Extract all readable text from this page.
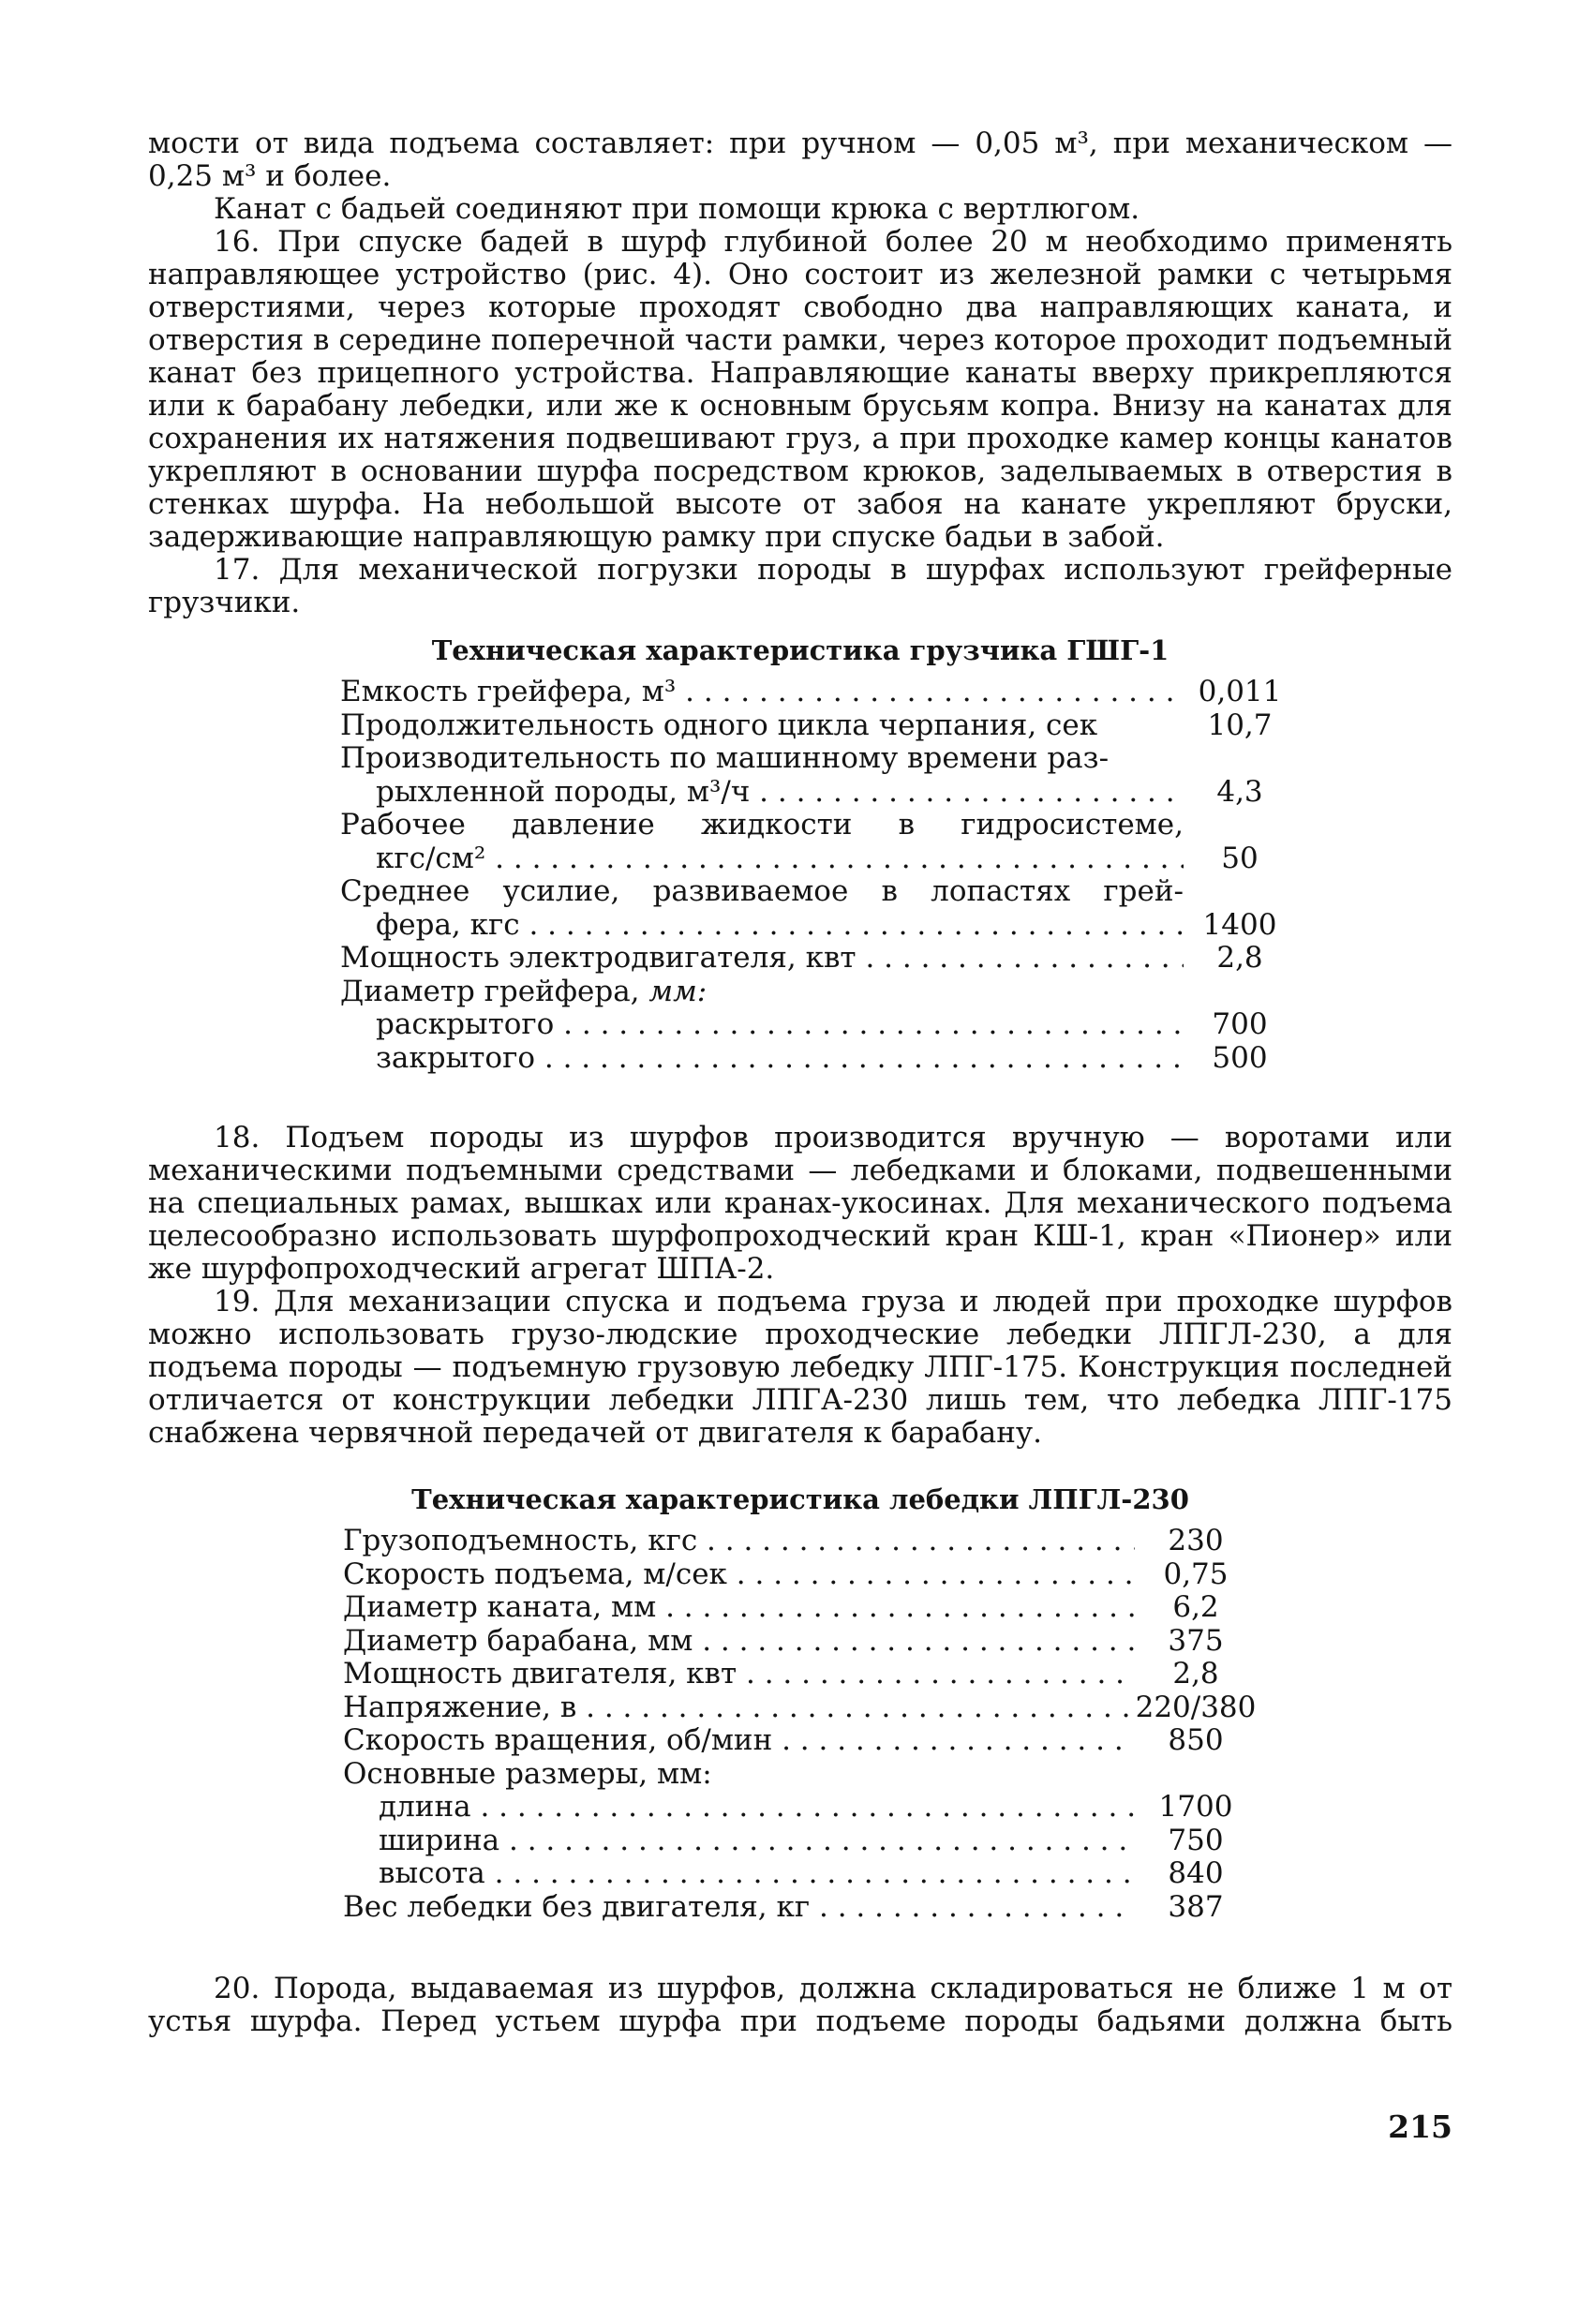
мости от вида подъема составляет: при ручном — 0,05 м³, при механическом —

0,25 м³ и более.

Канат с бадьей соединяют при помощи крюка с вертлюгом.

16. При спуске бадей в шурф глубиной более 20 м необходимо применять направляющее устройство (рис. 4). Оно состоит из железной рамки с четырьмя отверстиями, через которые проходят свободно два направляющих каната, и отверстия в середине поперечной части рамки, через которое проходит подъемный канат без прицепного устройства. Направляющие канаты вверху прикрепляются или к барабану лебедки, или же к основным брусьям копра. Внизу на канатах для сохранения их натяжения подвешивают груз, а при проходке камер концы канатов укрепляют в основании шурфа посредством крюков, заделываемых в отверстия в стенках шурфа. На небольшой высоте от забоя на канате укрепляют бруски, задерживающие направляющую рамку при спуске бадьи в забой.

17. Для механической погрузки породы в шурфах используют грейферные грузчики.

Техническая характеристика грузчика ГШГ-1

Емкость грейфера, м³ . . .	0,011
Продолжительность одного цикла черпания, сек	10,7
Производительность по машинному времени раз-
рыхленной породы, м³/ч . . .	4,3
Рабочее давление жидкости в гидросистеме,
кгс/см² . . .	50
Среднее усилие, развиваемое в лопастях грей-
фера, кгс . . .	1400
Мощность электродвигателя, квт . . .	2,8
Диаметр грейфера, мм:
раскрытого . . .	700
закрытого . . .	500

18. Подъем породы из шурфов производится вручную — воротами или механическими подъемными средствами — лебедками и блоками, подвешенными на специальных рамах, вышках или кранах-укосинах. Для механического подъема целесообразно использовать шурфопроходческий кран КШ-1, кран «Пионер» или же шурфопроходческий агрегат ШПА-2.

19. Для механизации спуска и подъема груза и людей при проходке шурфов можно использовать грузо-людские проходческие лебедки ЛПГЛ-230, а для подъема породы — подъемную грузовую лебедку ЛПГ-175. Конструкция последней отличается от конструкции лебедки ЛПГА-230 лишь тем, что лебедка ЛПГ-175 снабжена червячной передачей от двигателя к барабану.

Техническая характеристика лебедки ЛПГЛ-230

Грузоподъемность, кгс . . .	230
Скорость подъема, м/сек . . .	0,75
Диаметр каната, мм . . .	6,2
Диаметр барабана, мм . . .	375
Мощность двигателя, квт . . .	2,8
Напряжение, в . . .	220/380
Скорость вращения, об/мин . . .	850
Основные размеры, мм:
длина . . .	1700
ширина . . .	750
высота . . .	840
Вес лебедки без двигателя, кг . . .	387

20. Порода, выдаваемая из шурфов, должна складироваться не ближе 1 м от устья шурфа. Перед устьем шурфа при подъеме породы бадьями должна быть

215
